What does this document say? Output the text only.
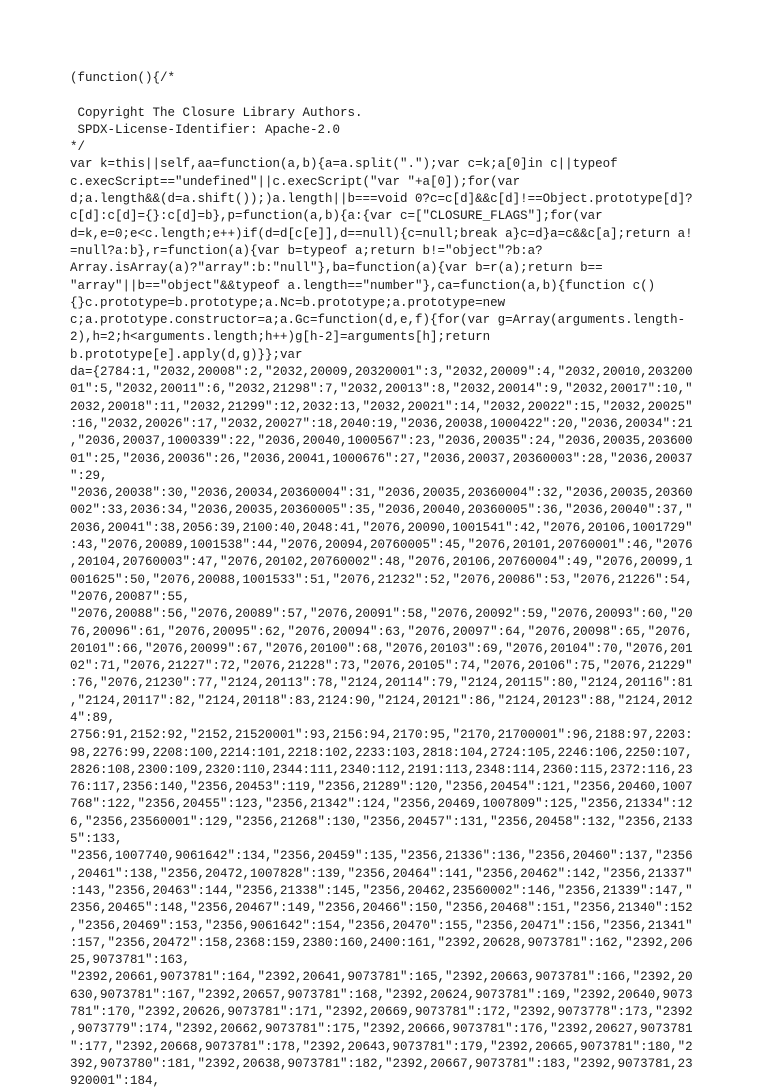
(function(){/*

Copyright The Closure Library Authors.
SPDX-License-Identifier: Apache-2.0
*/
var k=this||self,aa=function(a,b){a=a.split(".");var c=k;a[0]in c||typeof
c.execScript=="undefined"||c.execScript("var "+a[0]);for(var
d;a.length&&(d=a.shift());)a.length||b===void 0?c=c[d]&&c[d]!==Object.prototype[d]?
c[d]:c[d]={}:c[d]=b},p=function(a,b){a:{var c=["CLOSURE_FLAGS"];for(var
d=k,e=0;e<c.length;e++)if(d=d[c[e]],d==null){c=null;break a}c=d}a=c&&c[a];return a!
=null?a:b},r=function(a){var b=typeof a;return b!="object"?b:a?
Array.isArray(a)?"array":b:"null"},ba=function(a){var b=r(a);return b==
"array"||b=="object"&&typeof a.length=="number"},ca=function(a,b){function c()
{}c.prototype=b.prototype;a.Nc=b.prototype;a.prototype=new
c;a.prototype.constructor=a;a.Gc=function(d,e,f){for(var g=Array(arguments.length-
2),h=2;h<arguments.length;h++)g[h-2]=arguments[h];return
b.prototype[e].apply(d,g)}};var
da={2784:1,"2032,20008":2,"2032,20009,20320001":3,"2032,20009":4,"2032,20010,203200
01":5,"2032,20011":6,"2032,21298":7,"2032,20013":8,"2032,20014":9,"2032,20017":10,"
2032,20018":11,"2032,21299":12,2032:13,"2032,20021":14,"2032,20022":15,"2032,20025"
:16,"2032,20026":17,"2032,20027":18,2040:19,"2036,20038,1000422":20,"2036,20034":21
,"2036,20037,1000339":22,"2036,20040,1000567":23,"2036,20035":24,"2036,20035,203600
01":25,"2036,20036":26,"2036,20041,1000676":27,"2036,20037,20360003":28,"2036,20037
":29,
"2036,20038":30,"2036,20034,20360004":31,"2036,20035,20360004":32,"2036,20035,20360
002":33,2036:34,"2036,20035,20360005":35,"2036,20040,20360005":36,"2036,20040":37,"
2036,20041":38,2056:39,2100:40,2048:41,"2076,20090,1001541":42,"2076,20106,1001729"
:43,"2076,20089,1001538":44,"2076,20094,20760005":45,"2076,20101,20760001":46,"2076
,20104,20760003":47,"2076,20102,20760002":48,"2076,20106,20760004":49,"2076,20099,1
001625":50,"2076,20088,1001533":51,"2076,21232":52,"2076,20086":53,"2076,21226":54,
"2076,20087":55,
"2076,20088":56,"2076,20089":57,"2076,20091":58,"2076,20092":59,"2076,20093":60,"20
76,20096":61,"2076,20095":62,"2076,20094":63,"2076,20097":64,"2076,20098":65,"2076,
20101":66,"2076,20099":67,"2076,20100":68,"2076,20103":69,"2076,20104":70,"2076,201
02":71,"2076,21227":72,"2076,21228":73,"2076,20105":74,"2076,20106":75,"2076,21229"
:76,"2076,21230":77,"2124,20113":78,"2124,20114":79,"2124,20115":80,"2124,20116":81
,"2124,20117":82,"2124,20118":83,2124:90,"2124,20121":86,"2124,20123":88,"2124,2012
4":89,
2756:91,2152:92,"2152,21520001":93,2156:94,2170:95,"2170,21700001":96,2188:97,2203:
98,2276:99,2208:100,2214:101,2218:102,2233:103,2818:104,2724:105,2246:106,2250:107,
2826:108,2300:109,2320:110,2344:111,2340:112,2191:113,2348:114,2360:115,2372:116,23
76:117,2356:140,"2356,20453":119,"2356,21289":120,"2356,20454":121,"2356,20460,1007
768":122,"2356,20455":123,"2356,21342":124,"2356,20469,1007809":125,"2356,21334":12
6,"2356,23560001":129,"2356,21268":130,"2356,20457":131,"2356,20458":132,"2356,2133
5":133,
"2356,1007740,9061642":134,"2356,20459":135,"2356,21336":136,"2356,20460":137,"2356
,20461":138,"2356,20472,1007828":139,"2356,20464":141,"2356,20462":142,"2356,21337"
:143,"2356,20463":144,"2356,21338":145,"2356,20462,23560002":146,"2356,21339":147,"
2356,20465":148,"2356,20467":149,"2356,20466":150,"2356,20468":151,"2356,21340":152
,"2356,20469":153,"2356,9061642":154,"2356,20470":155,"2356,20471":156,"2356,21341"
:157,"2356,20472":158,2368:159,2380:160,2400:161,"2392,20628,9073781":162,"2392,206
25,9073781":163,
"2392,20661,9073781":164,"2392,20641,9073781":165,"2392,20663,9073781":166,"2392,20
630,9073781":167,"2392,20657,9073781":168,"2392,20624,9073781":169,"2392,20640,9073
781":170,"2392,20626,9073781":171,"2392,20669,9073781":172,"2392,9073778":173,"2392
,9073779":174,"2392,20662,9073781":175,"2392,20666,9073781":176,"2392,20627,9073781
":177,"2392,20668,9073781":178,"2392,20643,9073781":179,"2392,20665,9073781":180,"2
392,9073780":181,"2392,20638,9073781":182,"2392,20667,9073781":183,"2392,9073781,23
920001":184,
